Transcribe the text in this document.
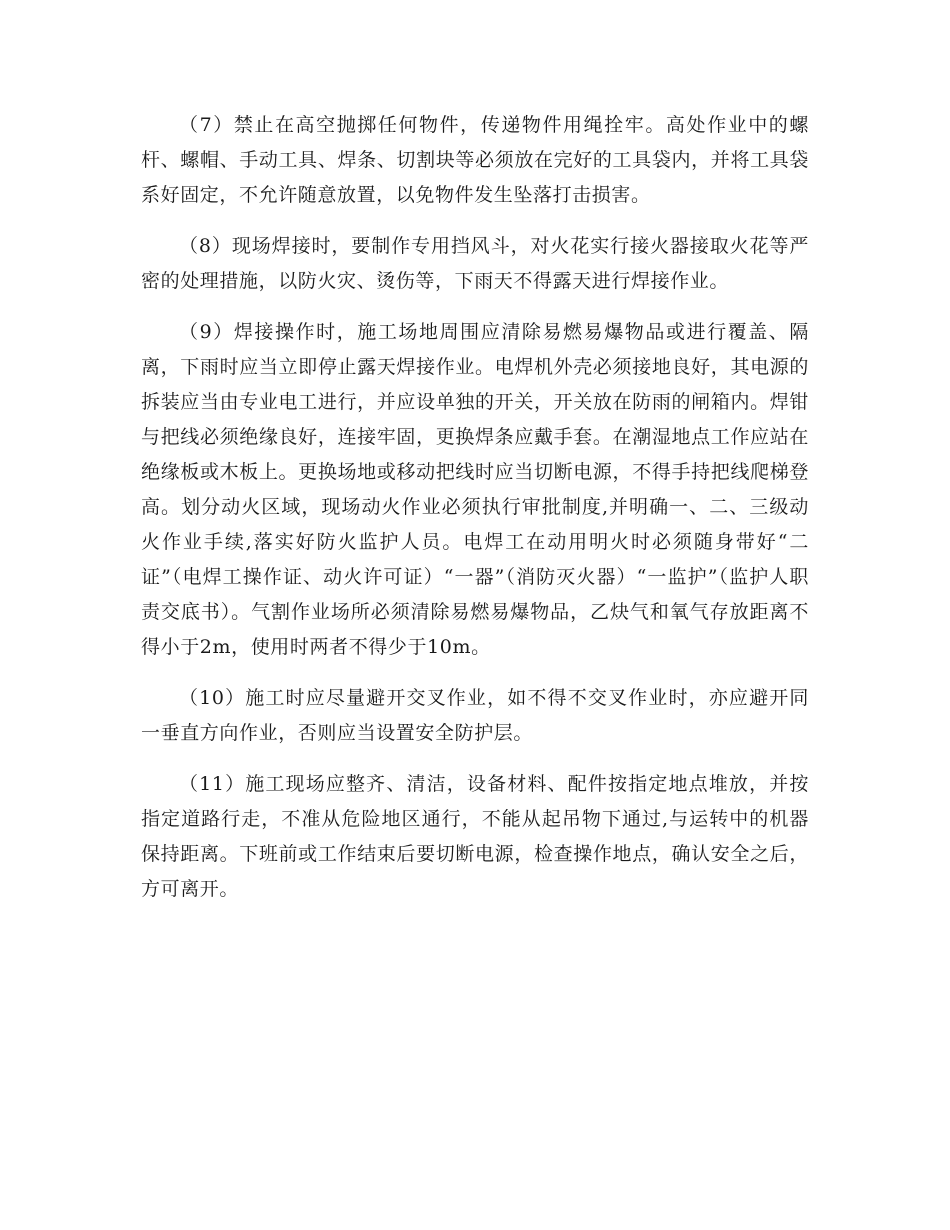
（7）禁止在高空抛掷任何物件，传递物件用绳拴牢。高处作业中的螺杆、螺帽、手动工具、焊条、切割块等必须放在完好的工具袋内，并将工具袋系好固定，不允许随意放置，以免物件发生坠落打击损害。

（8）现场焊接时，要制作专用挡风斗，对火花实行接火器接取火花等严密的处理措施，以防火灾、烫伤等，下雨天不得露天进行焊接作业。

（9）焊接操作时，施工场地周围应清除易燃易爆物品或进行覆盖、隔离，下雨时应当立即停止露天焊接作业。电焊机外壳必须接地良好，其电源的拆装应当由专业电工进行，并应设单独的开关，开关放在防雨的闸箱内。焊钳与把线必须绝缘良好，连接牢固，更换焊条应戴手套。在潮湿地点工作应站在绝缘板或木板上。更换场地或移动把线时应当切断电源，不得手持把线爬梯登高。划分动火区域，现场动火作业必须执行审批制度,并明确一、二、三级动火作业手续,落实好防火监护人员。电焊工在动用明火时必须随身带好“二证”（电焊工操作证、动火许可证）“一器”（消防灭火器）“一监护”（监护人职责交底书）。气割作业场所必须清除易燃易爆物品，乙炔气和氧气存放距离不得小于2m，使用时两者不得少于10m。

（10）施工时应尽量避开交叉作业，如不得不交叉作业时，亦应避开同一垂直方向作业，否则应当设置安全防护层。

（11）施工现场应整齐、清洁，设备材料、配件按指定地点堆放，并按指定道路行走，不准从危险地区通行，不能从起吊物下通过,与运转中的机器保持距离。下班前或工作结束后要切断电源，检查操作地点，确认安全之后，方可离开。
